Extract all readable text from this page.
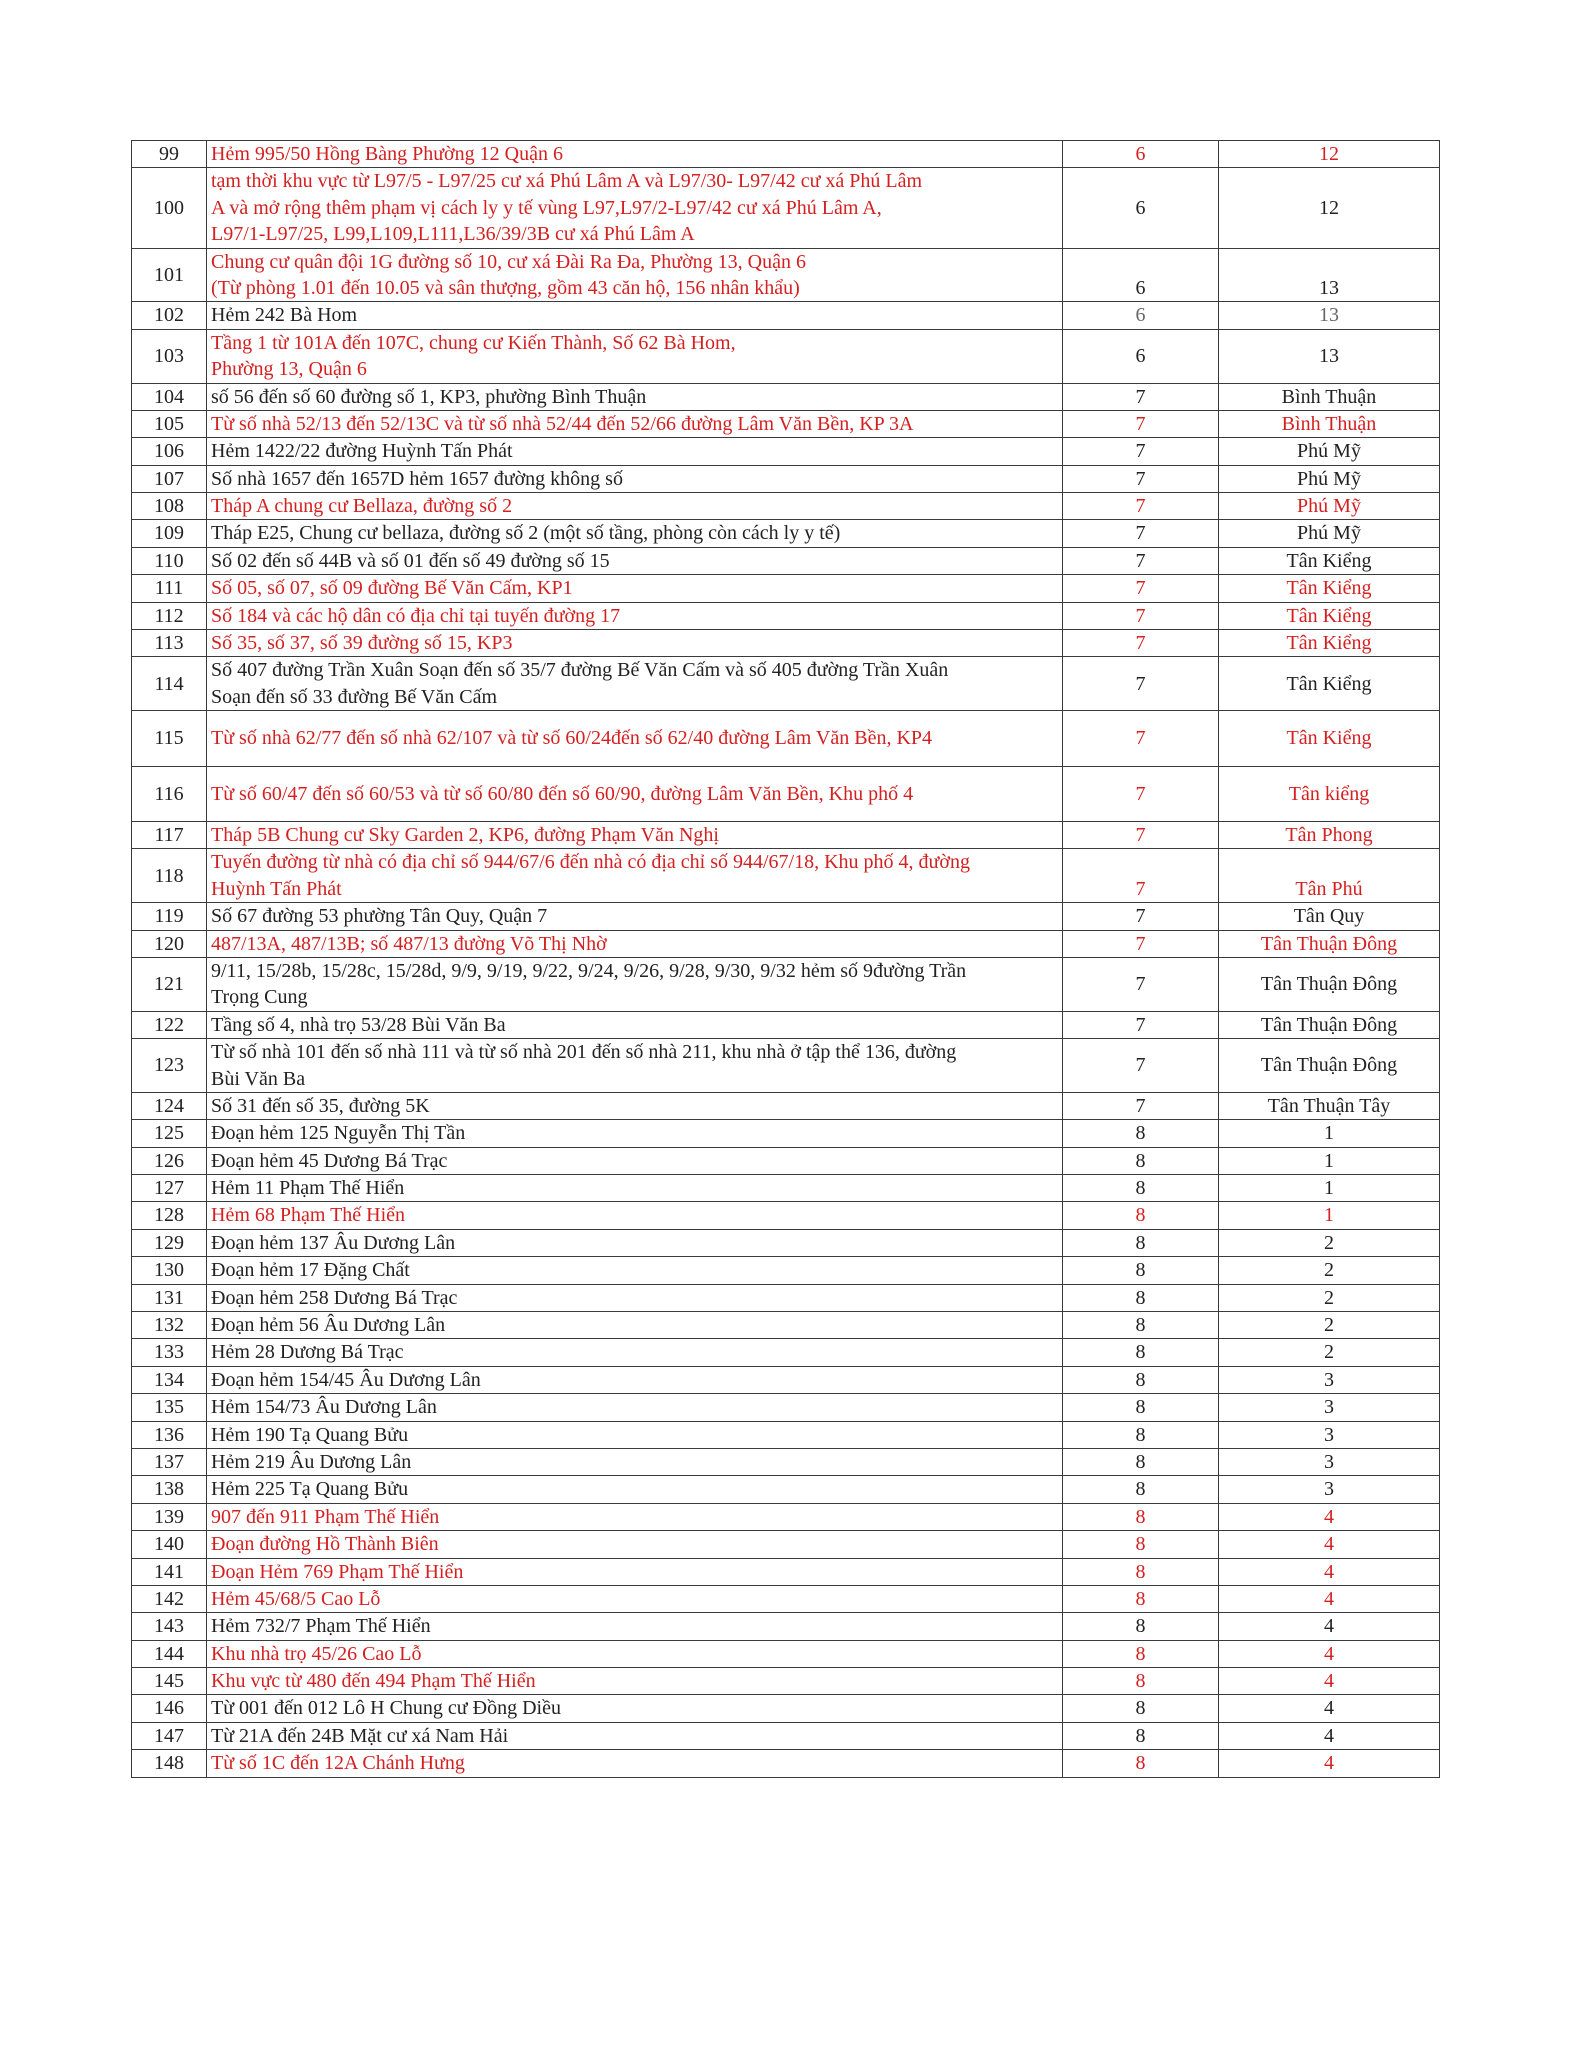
99	Hẻm 995/50 Hồng Bàng Phường 12 Quận 6	6	12
100	tạm thời khu vực từ L97/5 - L97/25 cư xá Phú Lâm A và L97/30- L97/42 cư xá Phú Lâm
A và mở rộng thêm phạm vị cách ly y tế vùng L97,L97/2-L97/42 cư xá Phú Lâm A,
L97/1-L97/25, L99,L109,L111,L36/39/3B cư xá Phú Lâm A	6	12
101	Chung cư quân đội 1G đường số 10, cư xá Đài Ra Đa, Phường 13, Quận 6
(Từ phòng 1.01 đến 10.05 và sân thượng, gồm 43 căn hộ, 156 nhân khẩu)	6	13
102	Hẻm 242 Bà Hom	6	13
103	Tầng 1 từ 101A đến 107C, chung cư Kiến Thành, Số 62 Bà Hom,
Phường 13, Quận 6	6	13
104	số 56 đến số 60 đường số 1, KP3, phường Bình Thuận	7	Bình Thuận
105	Từ số nhà 52/13 đến 52/13C và từ số nhà 52/44 đến 52/66 đường Lâm Văn Bền, KP 3A	7	Bình Thuận
106	Hẻm 1422/22 đường Huỳnh Tấn Phát	7	Phú Mỹ
107	Số nhà 1657 đến 1657D hẻm 1657 đường không số	7	Phú Mỹ
108	Tháp A chung cư Bellaza, đường số 2	7	Phú Mỹ
109	Tháp E25, Chung cư bellaza, đường số 2 (một số tầng, phòng còn cách ly y tế)	7	Phú Mỹ
110	Số 02 đến số 44B và số 01 đến số 49 đường số 15	7	Tân Kiểng
111	Số 05, số 07, số 09 đường Bế Văn Cấm, KP1	7	Tân Kiểng
112	Số 184 và các hộ dân có địa chỉ tại tuyến đường 17	7	Tân Kiểng
113	Số 35, số 37, số 39 đường số 15, KP3	7	Tân Kiểng
114	Số 407 đường Trần Xuân Soạn đến số 35/7 đường Bế Văn Cấm và số 405 đường Trần Xuân
Soạn đến số 33 đường Bế Văn Cấm	7	Tân Kiểng
115	Từ số nhà 62/77 đến số nhà 62/107 và từ số 60/24đến số 62/40 đường Lâm Văn Bền, KP4	7	Tân Kiểng
116	Từ số 60/47 đến số 60/53 và từ số 60/80 đến số 60/90, đường Lâm Văn Bền, Khu phố 4	7	Tân kiểng
117	Tháp 5B Chung cư Sky Garden 2, KP6, đường Phạm Văn Nghị	7	Tân Phong
118	Tuyến đường từ nhà có địa chỉ số 944/67/6 đến nhà có địa chỉ số 944/67/18, Khu phố 4, đường
Huỳnh Tấn Phát	7	Tân Phú
119	Số 67 đường 53 phường Tân Quy, Quận 7	7	Tân Quy
120	487/13A, 487/13B; số 487/13 đường Võ Thị Nhờ	7	Tân Thuận Đông
121	9/11, 15/28b, 15/28c, 15/28d, 9/9, 9/19, 9/22, 9/24, 9/26, 9/28, 9/30, 9/32 hẻm số 9đường Trần
Trọng Cung	7	Tân Thuận Đông
122	Tầng số 4, nhà trọ 53/28 Bùi Văn Ba	7	Tân Thuận Đông
123	Từ số nhà 101 đến số nhà 111 và từ số nhà 201 đến số nhà 211, khu nhà ở tập thể 136, đường
Bùi Văn Ba	7	Tân Thuận Đông
124	Số 31 đến số 35, đường 5K	7	Tân Thuận Tây
125	Đoạn hẻm 125 Nguyễn Thị Tần	8	1
126	Đoạn hẻm 45 Dương Bá Trạc	8	1
127	Hẻm 11 Phạm Thế Hiển	8	1
128	Hẻm 68 Phạm Thế Hiển	8	1
129	Đoạn hẻm 137 Âu Dương Lân	8	2
130	Đoạn hẻm 17 Đặng Chất	8	2
131	Đoạn hẻm 258 Dương Bá Trạc	8	2
132	Đoạn hẻm 56 Âu Dương Lân	8	2
133	Hẻm 28 Dương Bá Trạc	8	2
134	Đoạn hẻm 154/45 Âu Dương Lân	8	3
135	Hẻm 154/73 Âu Dương Lân	8	3
136	Hẻm 190 Tạ Quang Bửu	8	3
137	Hẻm 219 Âu Dương Lân	8	3
138	Hẻm 225 Tạ Quang Bửu	8	3
139	907 đến 911 Phạm Thế Hiển	8	4
140	Đoạn đường Hồ Thành Biên	8	4
141	Đoạn Hẻm 769 Phạm Thế Hiển	8	4
142	Hẻm 45/68/5 Cao Lỗ	8	4
143	Hẻm 732/7 Phạm Thế Hiển	8	4
144	Khu nhà trọ 45/26 Cao Lỗ	8	4
145	Khu vực từ 480 đến 494 Phạm Thế Hiển	8	4
146	Từ 001 đến 012 Lô H Chung cư Đồng Diều	8	4
147	Từ 21A đến 24B Mặt cư xá Nam Hải	8	4
148	Từ số 1C đến 12A Chánh Hưng	8	4
